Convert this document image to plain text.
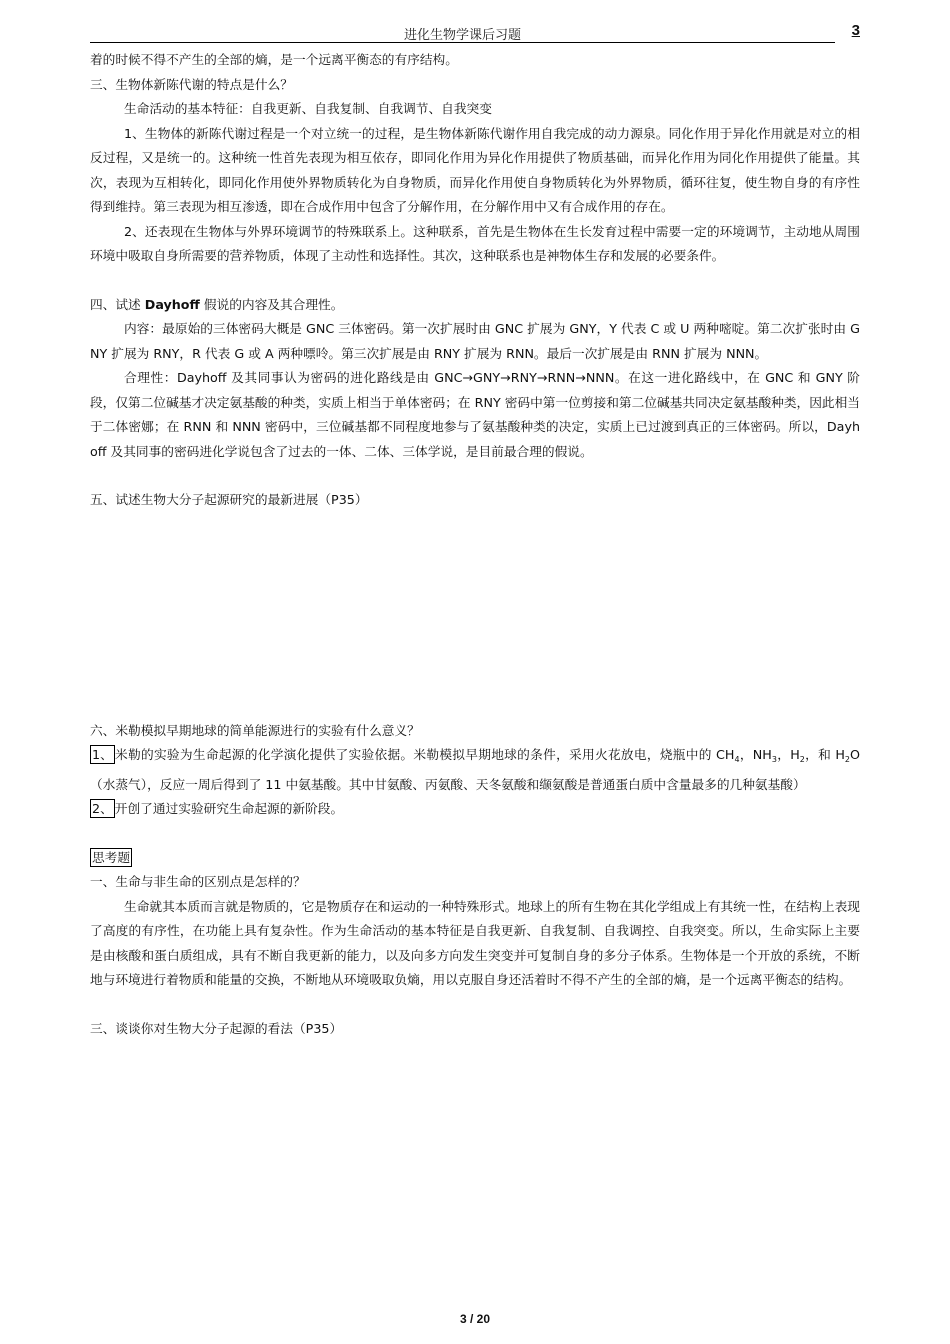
进化生物学课后习题	3

着的时候不得不产生的全部的熵，是一个远离平衡态的有序结构。

三、生物体新陈代谢的特点是什么？

生命活动的基本特征：自我更新、自我复制、自我调节、自我突变

1、生物体的新陈代谢过程是一个对立统一的过程，是生物体新陈代谢作用自我完成的动力源泉。同化作用于异化作用就是对立的相反过程，又是统一的。这种统一性首先表现为相互依存，即同化作用为异化作用提供了物质基础，而异化作用为同化作用提供了能量。其次，表现为互相转化，即同化作用使外界物质转化为自身物质，而异化作用使自身物质转化为外界物质，循环往复，使生物自身的有序性得到维持。第三表现为相互渗透，即在合成作用中包含了分解作用，在分解作用中又有合成作用的存在。

2、还表现在生物体与外界环境调节的特殊联系上。这种联系，首先是生物体在生长发育过程中需要一定的环境调节，主动地从周围环境中吸取自身所需要的营养物质，体现了主动性和选择性。其次，这种联系也是神物体生存和发展的必要条件。

四、试述 Dayhoff 假说的内容及其合理性。

内容：最原始的三体密码大概是 GNC 三体密码。第一次扩展时由 GNC 扩展为 GNY，Y 代表 C 或 U 两种嘧啶。第二次扩张时由 GNY 扩展为 RNY，R 代表 G 或 A 两种嘌呤。第三次扩展是由 RNY 扩展为 RNN。最后一次扩展是由 RNN 扩展为 NNN。

合理性：Dayhoff 及其同事认为密码的进化路线是由 GNC→GNY→RNY→RNN→NNN。在这一进化路线中，在 GNC 和 GNY 阶段，仅第二位碱基才决定氨基酸的种类，实质上相当于单体密码；在 RNY 密码中第一位剪接和第二位碱基共同决定氨基酸种类，因此相当于二体密娜；在 RNN 和 NNN 密码中，三位碱基都不同程度地参与了氨基酸种类的决定，实质上已过渡到真正的三体密码。所以，Dayhoff 及其同事的密码进化学说包含了过去的一体、二体、三体学说，是目前最合理的假说。

五、试述生物大分子起源研究的最新进展（P35）

六、米勒模拟早期地球的简单能源进行的实验有什么意义？

1、 米勒的实验为生命起源的化学演化提供了实验依据。米勒模拟早期地球的条件，采用火花放电，烧瓶中的 $CH_4$，$NH_3$，$H_2$，和 $H_2O$（水蒸气），反应一周后得到了 11 中氨基酸。其中甘氨酸、丙氨酸、天冬氨酸和缬氨酸是普通蛋白质中含量最多的几种氨基酸）

2、 开创了通过实验研究生命起源的新阶段。

思考题

一、生命与非生命的区别点是怎样的？

生命就其本质而言就是物质的，它是物质存在和运动的一种特殊形式。地球上的所有生物在其化学组成上有其统一性，在结构上表现了高度的有序性，在功能上具有复杂性。作为生命活动的基本特征是自我更新、自我复制、自我调控、自我突变。所以，生命实际上主要是由核酸和蛋白质组成，具有不断自我更新的能力，以及向多方向发生突变并可复制自身的多分子体系。生物体是一个开放的系统，不断地与环境进行着物质和能量的交换，不断地从环境吸取负熵，用以克服自身还活着时不得不产生的全部的熵，是一个远离平衡态的结构。

三、谈谈你对生物大分子起源的看法（P35）

3 / 20
